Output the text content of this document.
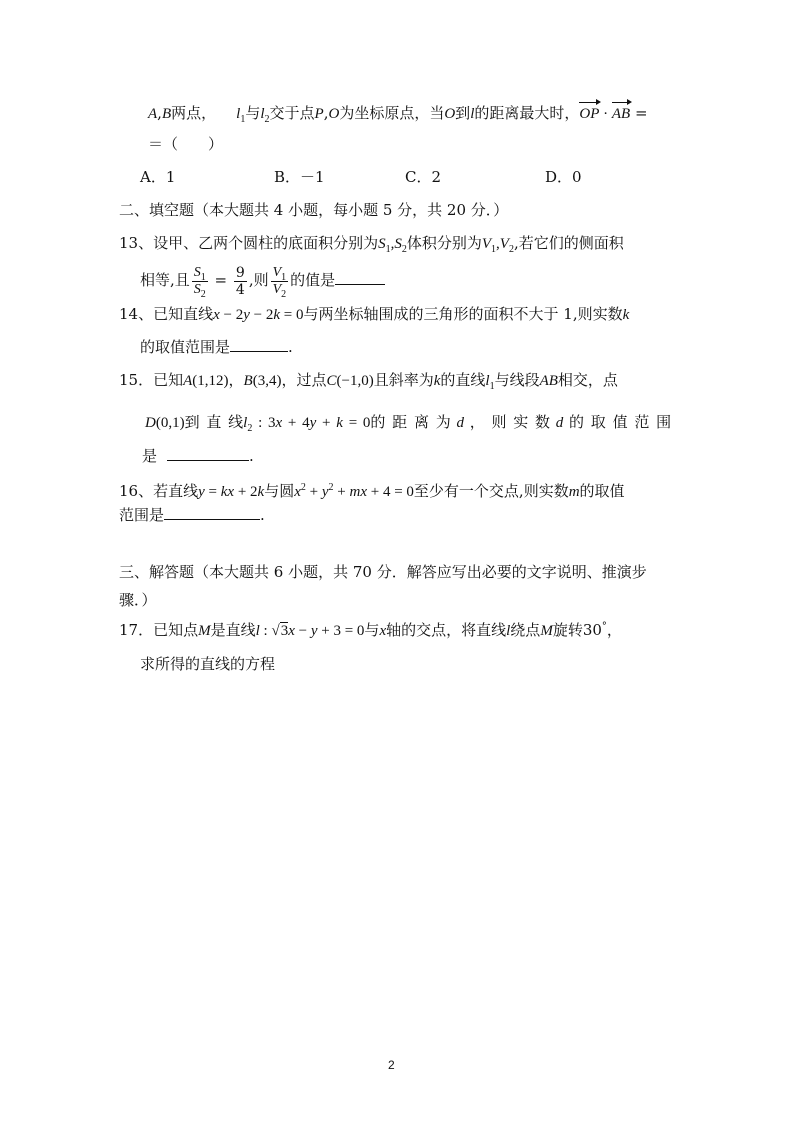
A,B两点， $l_1$与$l_2$交于点P,O为坐标原点，当O到l的距离最大时，OP · AB =
＝（　　）
A．1	B．－1	C．2	D．0
二、填空题（本大题共 4 小题，每小题 5 分，共 20 分．）
13、设甲、乙两个圆柱的底面积分别为$S_1,S_2$体积分别为$V_1,V_2$,若它们的侧面积
相等,且 $\frac{S_1}{S_2} = \frac{9}{4}$ ,则 $\frac{V_1}{V_2}$ 的值是
14、已知直线x − 2y − 2k = 0与两坐标轴围成的三角形的面积不大于 1,则实数k
的取值范围是	.
15．已知A(1,12)，B(3,4)，过点C(−1,0)且斜率为k的直线$l_1$与线段AB相交，点
D(0,1)到 直 线$l_2$ : 3x + 4y + k = 0的 距 离 为 d ， 则 实 数 d 的 取 值 范 围
是	.
16、若直线y = kx + 2k与圆$x^2 + y^2$ + mx + 4 = 0至少有一个交点,则实数m的取值
范围是	.
三、解答题（本大题共 6 小题，共 70 分．解答应写出必要的文字说明、推演步
骤．）
17．已知点M是直线l : √3x − y + 3 = 0与x轴的交点，将直线l绕点M旋转30°，
求所得的直线的方程
2
